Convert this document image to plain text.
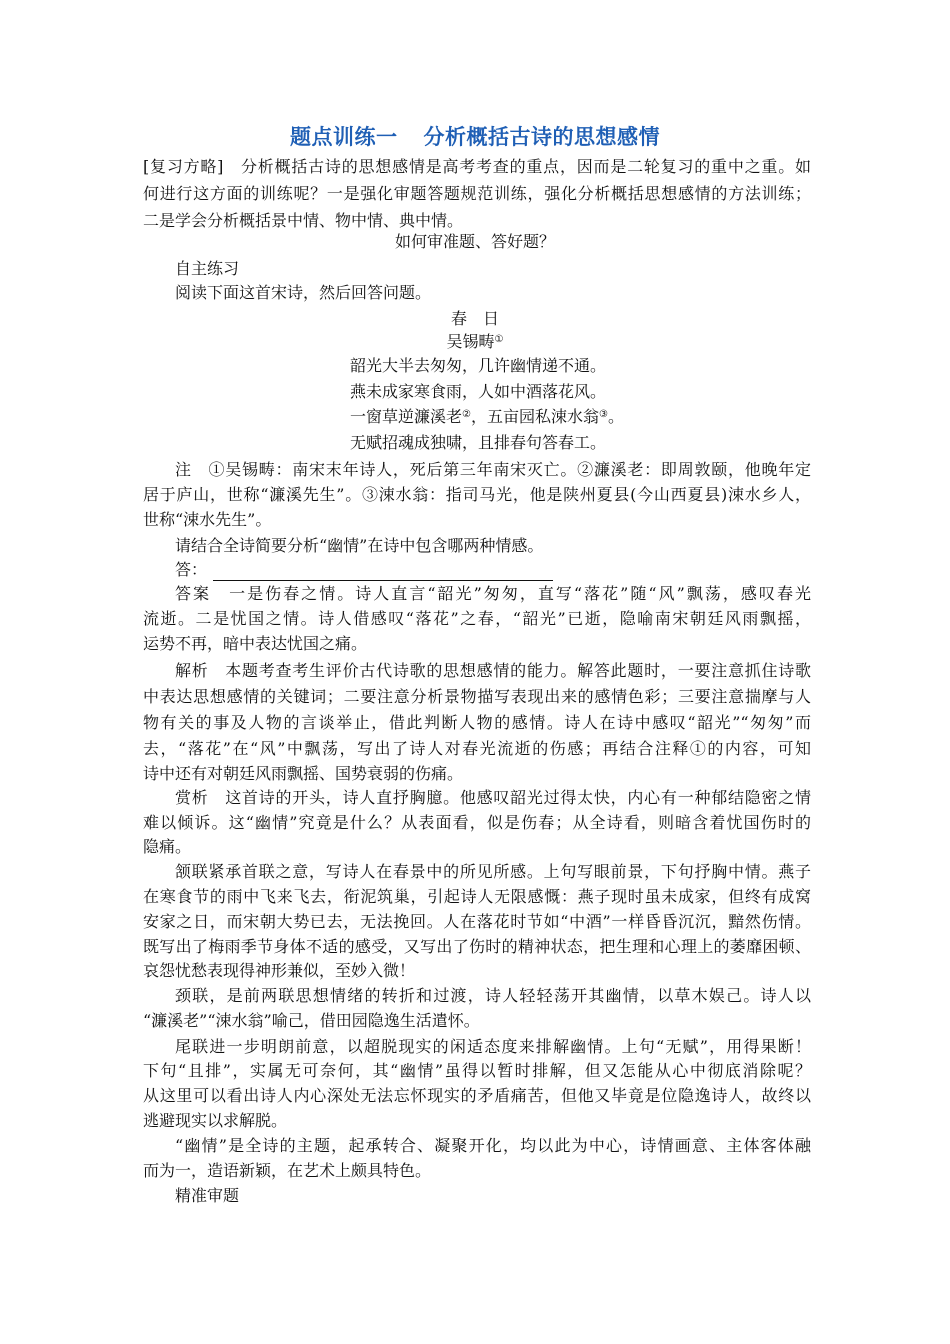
题点训练一 分析概括古诗的思想感情
[复习方略]　分析概括古诗的思想感情是高考考查的重点，因而是二轮复习的重中之重。如
何进行这方面的训练呢？一是强化审题答题规范训练，强化分析概括思想感情的方法训练；
二是学会分析概括景中情、物中情、典中情。
如何审准题、答好题？
自主练习
阅读下面这首宋诗，然后回答问题。
春　日
吴锡畴①
韶光大半去匆匆，几许幽情递不通。
燕未成家寒食雨，人如中酒落花风。
一窗草逆濂溪老②，五亩园私涑水翁③。
无赋招魂成独啸，且排春句答春工。
注　①吴锡畴：南宋末年诗人，死后第三年南宋灭亡。②濂溪老：即周敦颐，他晚年定
居于庐山，世称“濂溪先生”。③涑水翁：指司马光，他是陕州夏县(今山西夏县)涑水乡人，
世称“涑水先生”。
请结合全诗简要分析“幽情”在诗中包含哪两种情感。
答：
答案　一是伤春之情。诗人直言“韶光”匆匆，直写“落花”随“风”飘荡，感叹春光
流逝。二是忧国之情。诗人借感叹“落花”之春，“韶光”已逝，隐喻南宋朝廷风雨飘摇，
运势不再，暗中表达忧国之痛。
解析　本题考查考生评价古代诗歌的思想感情的能力。解答此题时，一要注意抓住诗歌
中表达思想感情的关键词；二要注意分析景物描写表现出来的感情色彩；三要注意揣摩与人
物有关的事及人物的言谈举止，借此判断人物的感情。诗人在诗中感叹“韶光”“匆匆”而
去，“落花”在“风”中飘荡，写出了诗人对春光流逝的伤感；再结合注释①的内容，可知
诗中还有对朝廷风雨飘摇、国势衰弱的伤痛。
赏析　这首诗的开头，诗人直抒胸臆。他感叹韶光过得太快，内心有一种郁结隐密之情
难以倾诉。这“幽情”究竟是什么？从表面看，似是伤春；从全诗看，则暗含着忧国伤时的
隐痛。
颔联紧承首联之意，写诗人在春景中的所见所感。上句写眼前景，下句抒胸中情。燕子
在寒食节的雨中飞来飞去，衔泥筑巢，引起诗人无限感慨：燕子现时虽未成家，但终有成窝
安家之日，而宋朝大势已去，无法挽回。人在落花时节如“中酒”一样昏昏沉沉，黯然伤情。
既写出了梅雨季节身体不适的感受，又写出了伤时的精神状态，把生理和心理上的萎靡困顿、
哀怨忧愁表现得神形兼似，至妙入微！
颈联，是前两联思想情绪的转折和过渡，诗人轻轻荡开其幽情，以草木娱己。诗人以
“濂溪老”“涑水翁”喻己，借田园隐逸生活遣怀。
尾联进一步明朗前意，以超脱现实的闲适态度来排解幽情。上句“无赋”，用得果断！
下句“且排”，实属无可奈何，其“幽情”虽得以暂时排解，但又怎能从心中彻底消除呢？
从这里可以看出诗人内心深处无法忘怀现实的矛盾痛苦，但他又毕竟是位隐逸诗人，故终以
逃避现实以求解脱。
“幽情”是全诗的主题，起承转合、凝聚开化，均以此为中心，诗情画意、主体客体融
而为一，造语新颖，在艺术上颇具特色。
精准审题
